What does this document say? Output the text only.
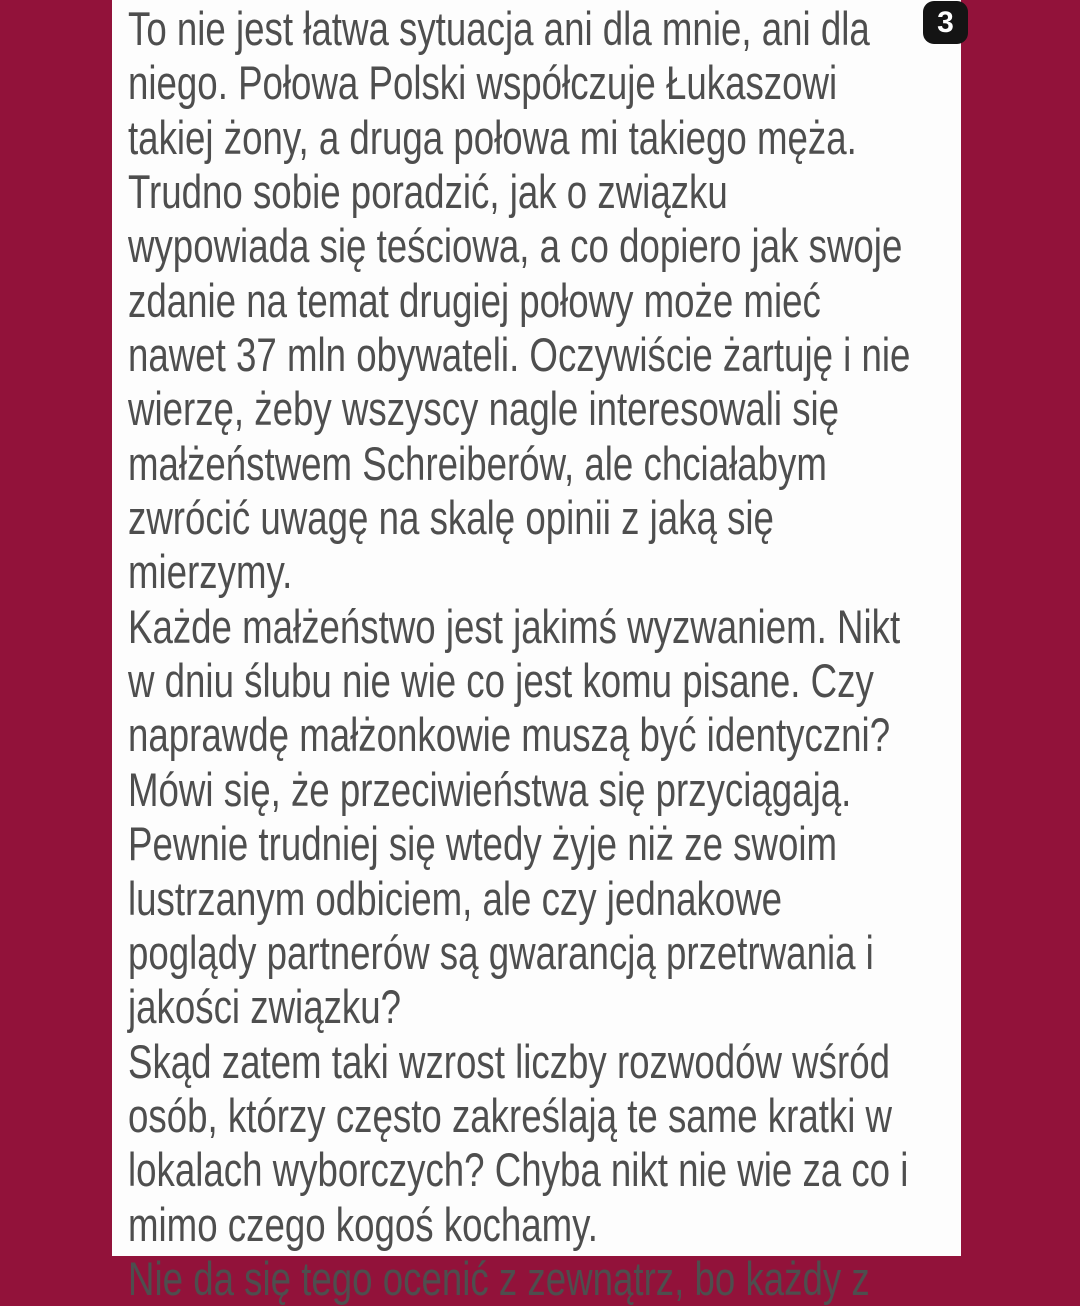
To nie jest łatwa sytuacja ani dla mnie, ani dla
niego. Połowa Polski współczuje Łukaszowi
takiej żony, a druga połowa mi takiego męża.
Trudno sobie poradzić, jak o związku
wypowiada się teściowa, a co dopiero jak swoje
zdanie na temat drugiej połowy może mieć
nawet 37 mln obywateli. Oczywiście żartuję i nie
wierzę, żeby wszyscy nagle interesowali się
małżeństwem Schreiberów, ale chciałabym
zwrócić uwagę na skalę opinii z jaką się
mierzymy.
Każde małżeństwo jest jakimś wyzwaniem. Nikt
w dniu ślubu nie wie co jest komu pisane. Czy
naprawdę małżonkowie muszą być identyczni?
Mówi się, że przeciwieństwa się przyciągają.
Pewnie trudniej się wtedy żyje niż ze swoim
lustrzanym odbiciem, ale czy jednakowe
poglądy partnerów są gwarancją przetrwania i
jakości związku?
Skąd zatem taki wzrost liczby rozwodów wśród
osób, którzy często zakreślają te same kratki w
lokalach wyborczych? Chyba nikt nie wie za co i
mimo czego kogoś kochamy.
Nie da się tego ocenić z zewnątrz, bo każdy z
3
